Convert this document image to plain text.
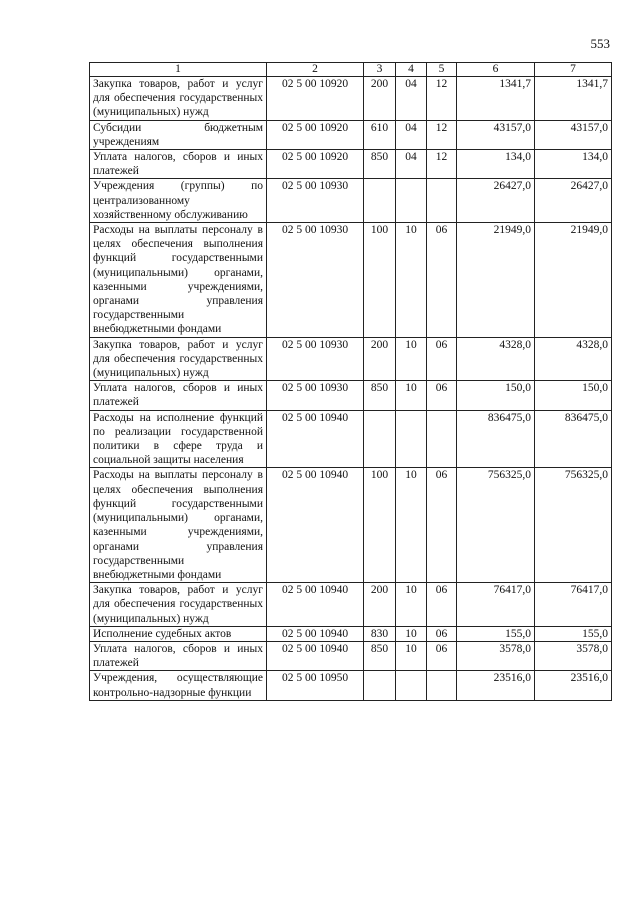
553
1	2	3	4	5	6	7
Закупка товаров, работ и услуг для обеспечения государственных (муниципальных) нужд	02 5 00 10920	200	04	12	1341,7	1341,7
Субсидии бюджетным учреждениям	02 5 00 10920	610	04	12	43157,0	43157,0
Уплата налогов, сборов и иных платежей	02 5 00 10920	850	04	12	134,0	134,0
Учреждения (группы) по централизованному хозяйственному обслуживанию	02 5 00 10930				26427,0	26427,0
Расходы на выплаты персоналу в целях обеспечения выполнения функций государственными (муниципальными) органами, казенными учреждениями, органами управления государственными внебюджетными фондами	02 5 00 10930	100	10	06	21949,0	21949,0
Закупка товаров, работ и услуг для обеспечения государственных (муниципальных) нужд	02 5 00 10930	200	10	06	4328,0	4328,0
Уплата налогов, сборов и иных платежей	02 5 00 10930	850	10	06	150,0	150,0
Расходы на исполнение функций по реализации государственной политики в сфере труда и социальной защиты населения	02 5 00 10940				836475,0	836475,0
Расходы на выплаты персоналу в целях обеспечения выполнения функций государственными (муниципальными) органами, казенными учреждениями, органами управления государственными внебюджетными фондами	02 5 00 10940	100	10	06	756325,0	756325,0
Закупка товаров, работ и услуг для обеспечения государственных (муниципальных) нужд	02 5 00 10940	200	10	06	76417,0	76417,0
Исполнение судебных актов	02 5 00 10940	830	10	06	155,0	155,0
Уплата налогов, сборов и иных платежей	02 5 00 10940	850	10	06	3578,0	3578,0
Учреждения, осуществляющие контрольно-надзорные функции	02 5 00 10950				23516,0	23516,0
